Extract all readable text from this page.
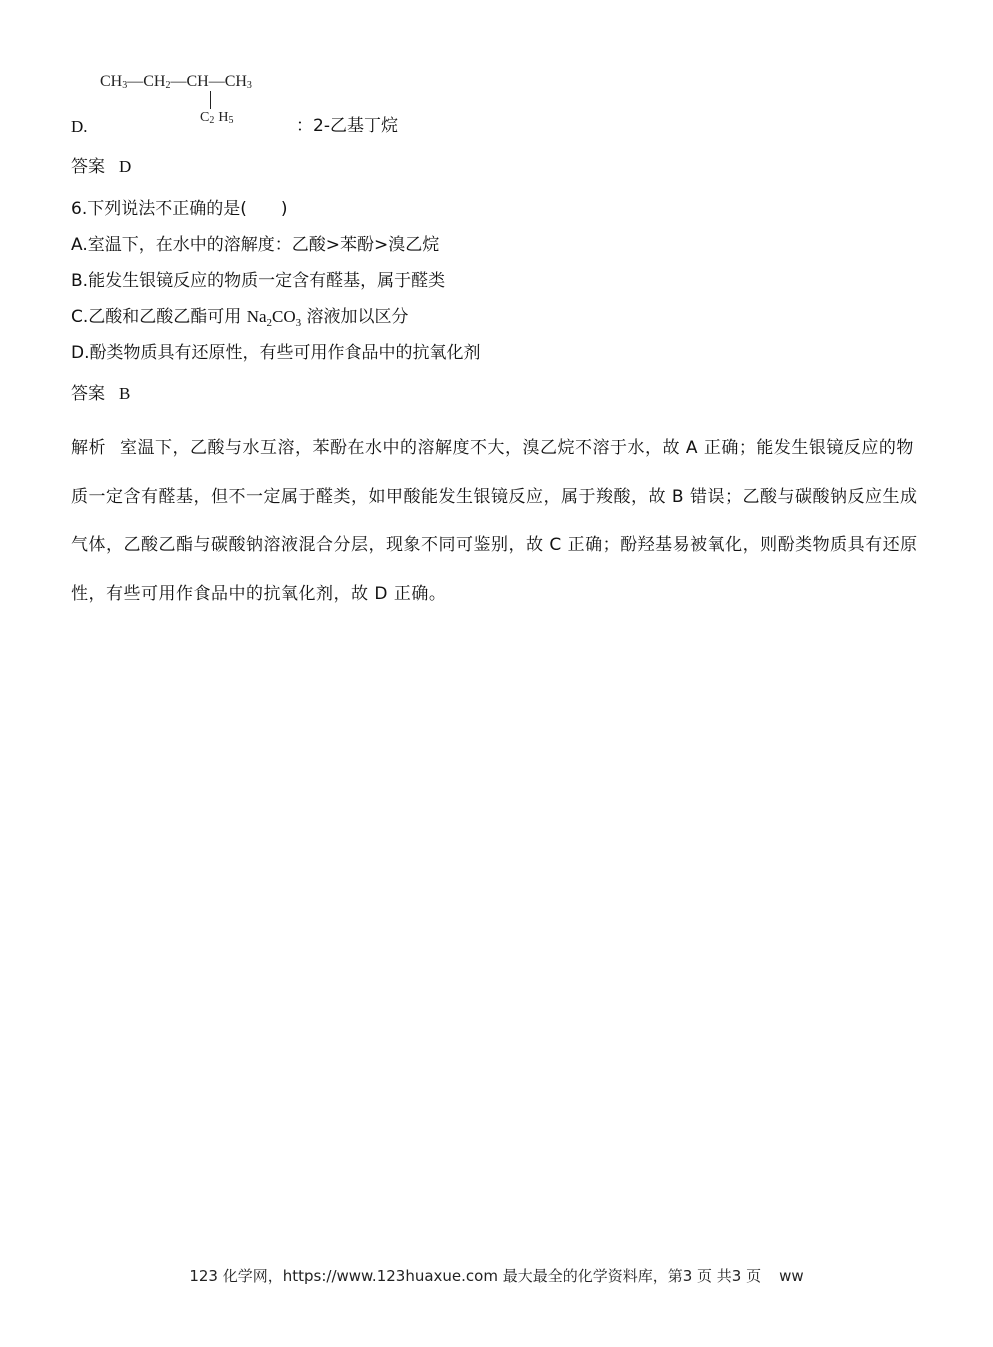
$CH_3—CH_2—CH—CH_3$
$C_2$ $H_5$
D.	：2-乙基丁烷
答案 D
6.下列说法不正确的是(　　)
A.室温下，在水中的溶解度：乙酸>苯酚>溴乙烷
B.能发生银镜反应的物质一定含有醛基，属于醛类
C.乙酸和乙酸乙酯可用 $Na_2CO_3$ 溶液加以区分
D.酚类物质具有还原性，有些可用作食品中的抗氧化剂
答案 B
解析 室温下，乙酸与水互溶，苯酚在水中的溶解度不大，溴乙烷不溶于水，故 A 正确；能发生银镜反应的物质一定含有醛基，但不一定属于醛类，如甲酸能发生银镜反应，属于羧酸，故 B 错误；乙酸与碳酸钠反应生成气体，乙酸乙酯与碳酸钠溶液混合分层，现象不同可鉴别，故 C 正确；酚羟基易被氧化，则酚类物质具有还原性，有些可用作食品中的抗氧化剂，故 D 正确。
123 化学网，https://www.123huaxue.com 最大最全的化学资料库，第3 页 共3 页 ww
